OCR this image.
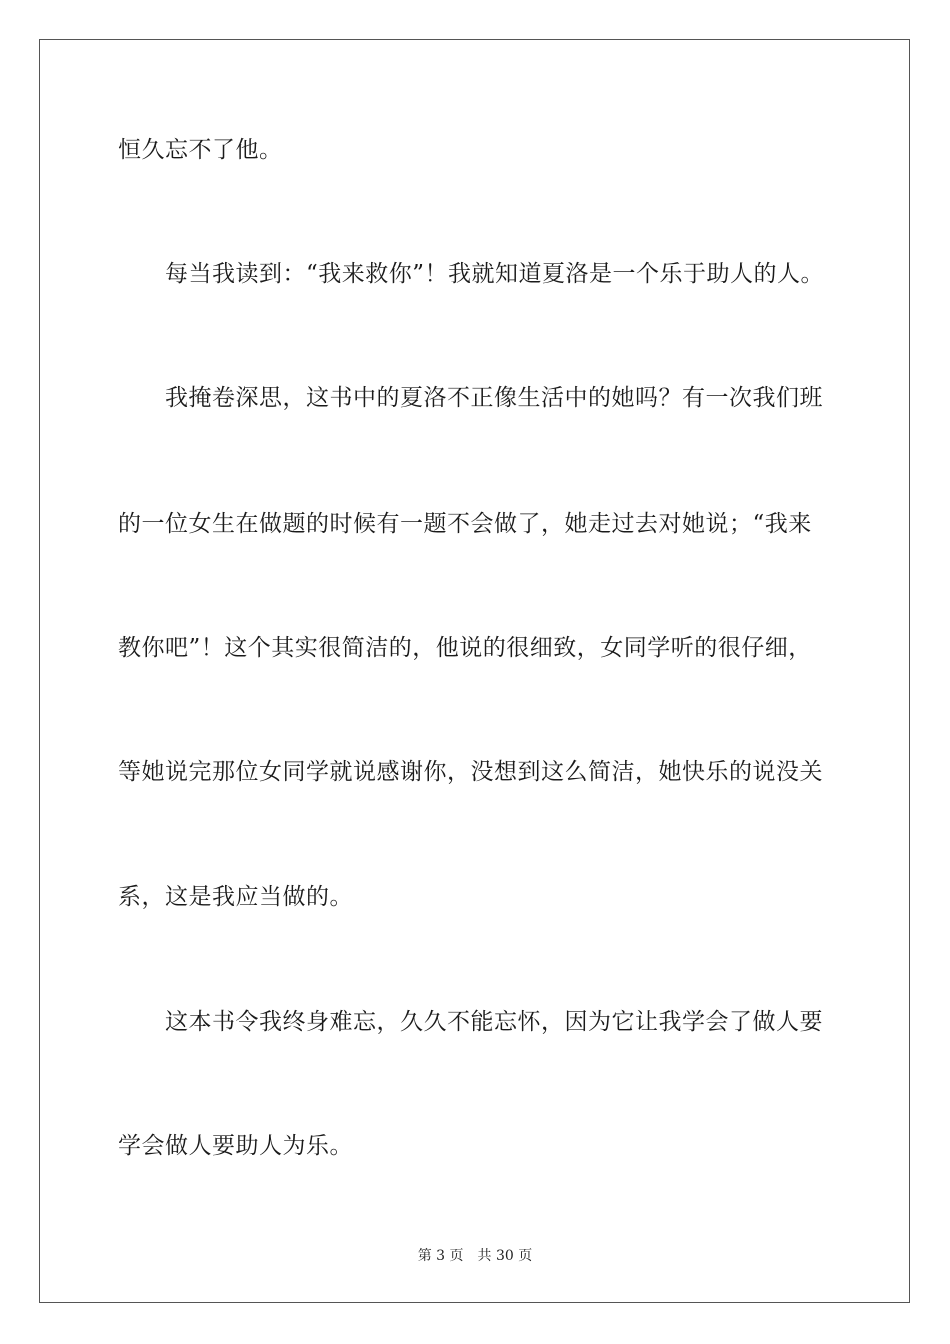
恒久忘不了他。
　　每当我读到：“我来救你”！我就知道夏洛是一个乐于助人的人。
　　我掩卷深思，这书中的夏洛不正像生活中的她吗？有一次我们班
的一位女生在做题的时候有一题不会做了，她走过去对她说；“我来
教你吧”！这个其实很简洁的，他说的很细致，女同学听的很仔细，
等她说完那位女同学就说感谢你，没想到这么简洁，她快乐的说没关
系，这是我应当做的。
　　这本书令我终身难忘，久久不能忘怀，因为它让我学会了做人要
学会做人要助人为乐。
第 3 页 共 30 页
